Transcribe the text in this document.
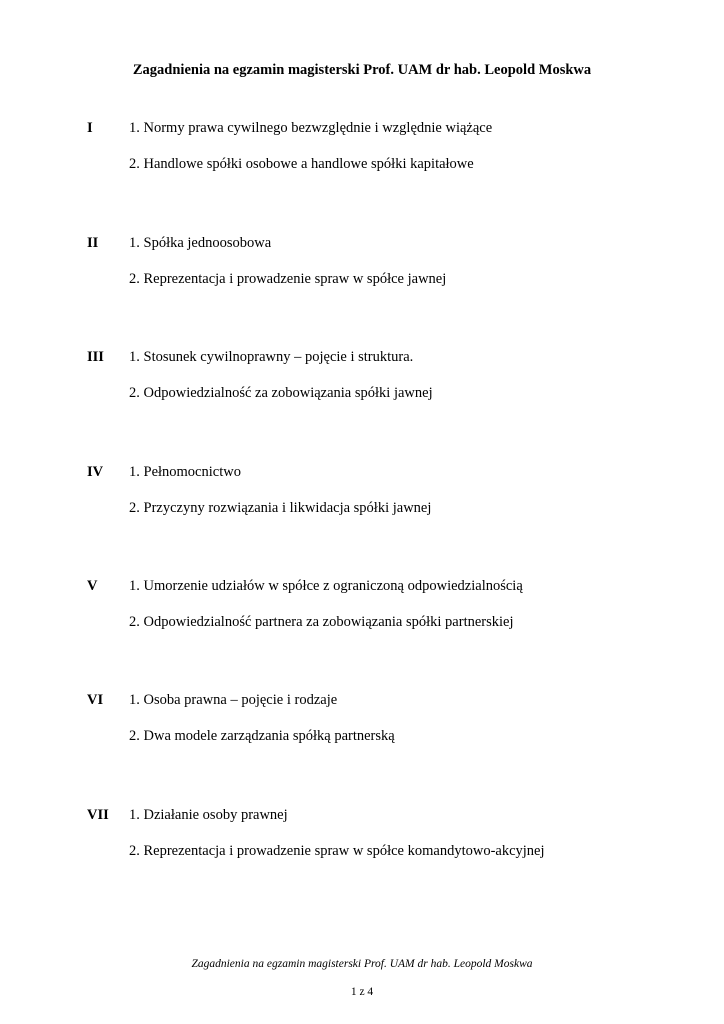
Zagadnienia na egzamin magisterski Prof. UAM dr hab. Leopold Moskwa
I	1. Normy prawa cywilnego bezwzględnie i względnie wiążące
2. Handlowe spółki osobowe a handlowe spółki kapitałowe
II 1. Spółka jednoosobowa
2. Reprezentacja i prowadzenie spraw w spółce jawnej
III 1. Stosunek cywilnoprawny – pojęcie i struktura.
2. Odpowiedzialność za zobowiązania spółki jawnej
IV 1. Pełnomocnictwo
2. Przyczyny rozwiązania i likwidacja spółki jawnej
V 1. Umorzenie udziałów w spółce z ograniczoną odpowiedzialnością
2. Odpowiedzialność partnera za zobowiązania spółki partnerskiej
VI 1. Osoba prawna – pojęcie i rodzaje
2. Dwa modele zarządzania spółką partnerską
VII 1. Działanie osoby prawnej
2. Reprezentacja i prowadzenie spraw w spółce komandytowo-akcyjnej
Zagadnienia na egzamin magisterski Prof. UAM dr hab. Leopold Moskwa
1 z 4
